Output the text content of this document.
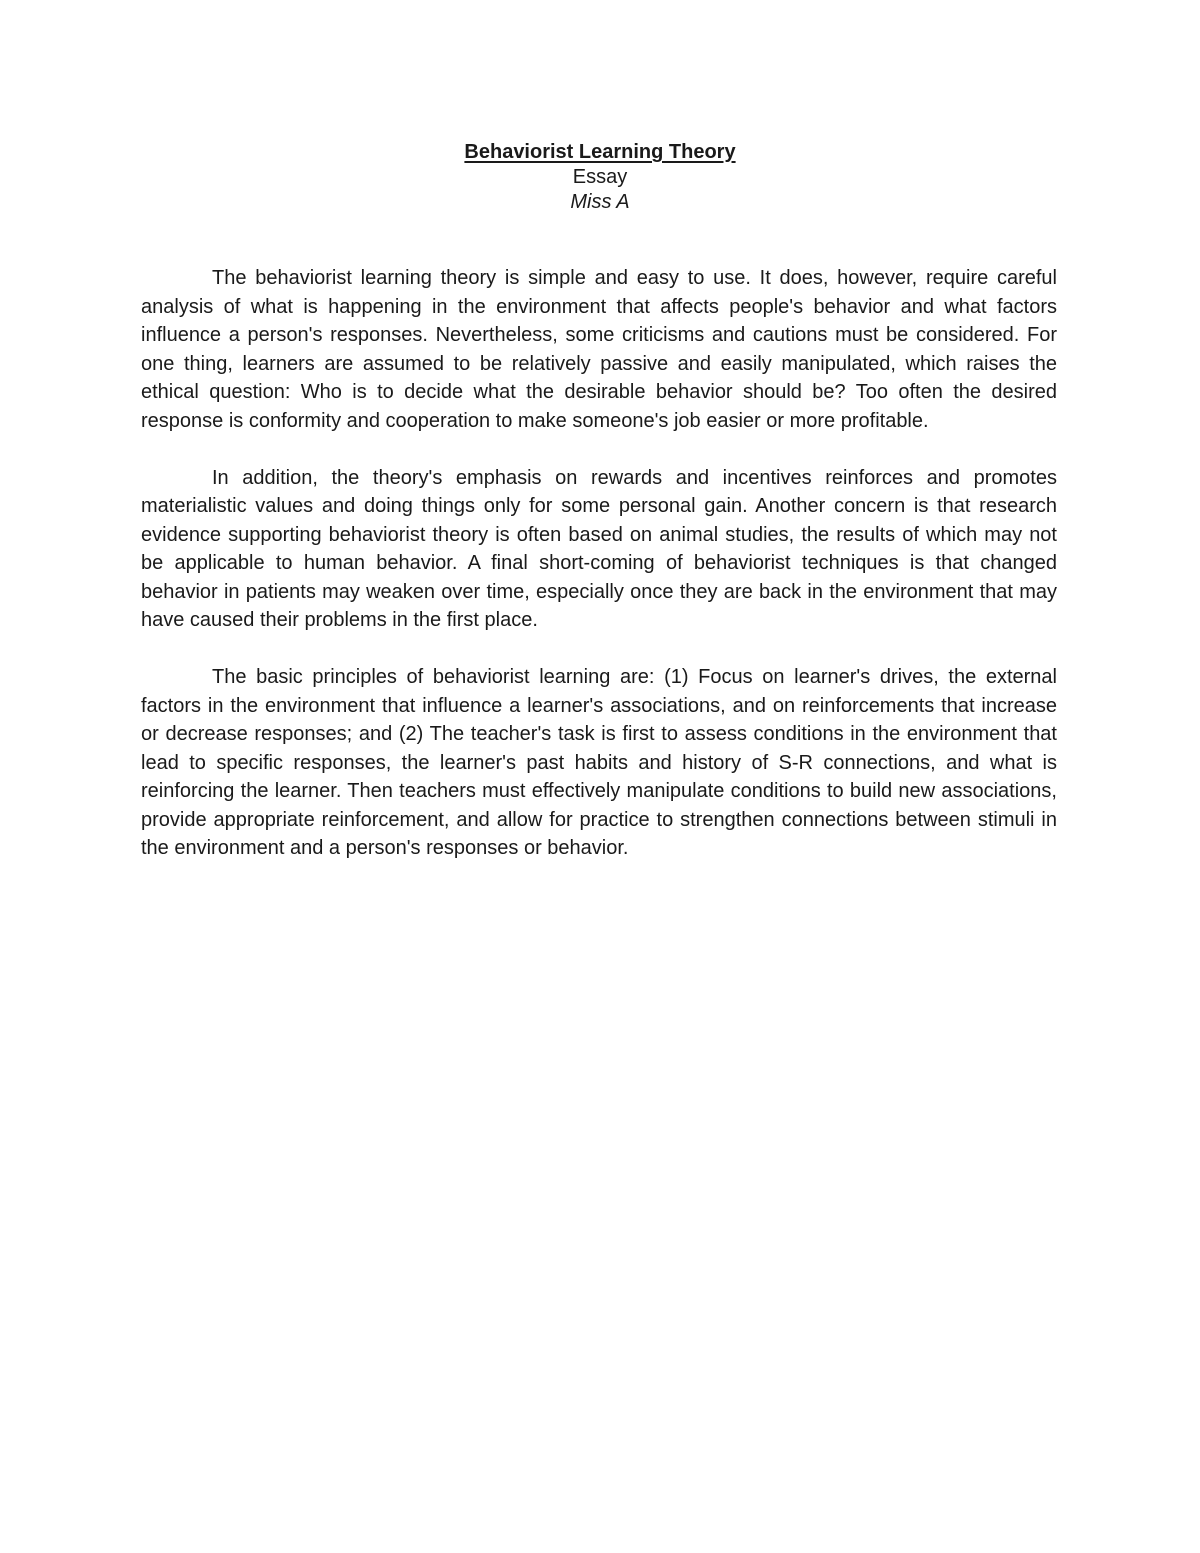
Behaviorist Learning Theory
Essay
Miss A

The behaviorist learning theory is simple and easy to use. It does, however, require careful analysis of what is happening in the environment that affects people's behavior and what factors influence a person's responses. Nevertheless, some criticisms and cautions must be considered. For one thing, learners are assumed to be relatively passive and easily manipulated, which raises the ethical question: Who is to decide what the desirable behavior should be? Too often the desired response is conformity and cooperation to make someone's job easier or more profitable.

In addition, the theory's emphasis on rewards and incentives reinforces and promotes materialistic values and doing things only for some personal gain. Another concern is that research evidence supporting behaviorist theory is often based on animal studies, the results of which may not be applicable to human behavior. A final short-coming of behaviorist techniques is that changed behavior in patients may weaken over time, especially once they are back in the environment that may have caused their problems in the first place.

The basic principles of behaviorist learning are: (1) Focus on learner's drives, the external factors in the environment that influence a learner's associations, and on reinforcements that increase or decrease responses; and (2) The teacher's task is first to assess conditions in the environment that lead to specific responses, the learner's past habits and history of S-R connections, and what is reinforcing the learner. Then teachers must effectively manipulate conditions to build new associations, provide appropriate reinforcement, and allow for practice to strengthen connections between stimuli in the environment and a person's responses or behavior.
